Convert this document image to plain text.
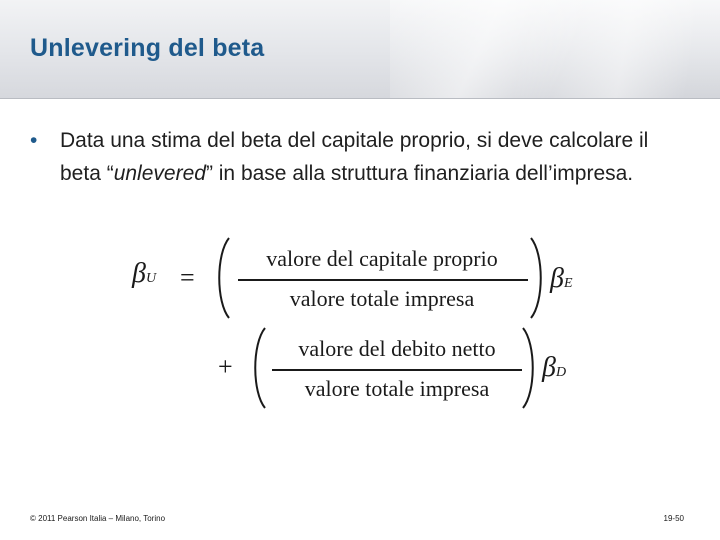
Unlevering del beta
• Data una stima del beta del capitale proprio, si deve calcolare il beta “unlevered” in base alla struttura finanziaria dell’impresa.
βU =
valore del capitale proprio
valore totale impresa
βE
+
valore del debito netto
valore totale impresa
βD
© 2011 Pearson Italia – Milano, Torino	19-50
